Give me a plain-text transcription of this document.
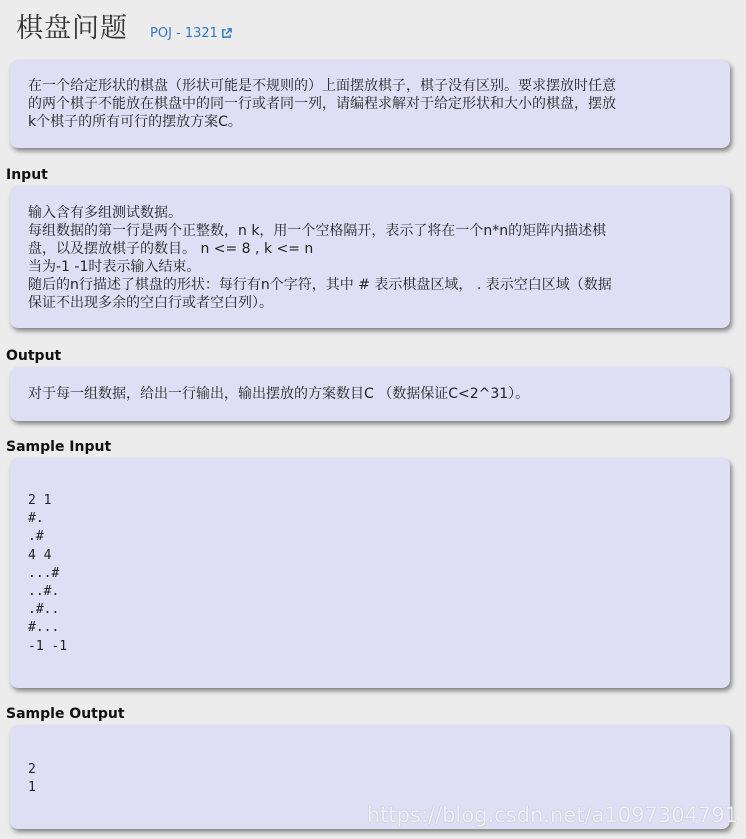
棋盘问题 POJ - 1321
在一个给定形状的棋盘（形状可能是不规则的）上面摆放棋子，棋子没有区别。要求摆放时任意
的两个棋子不能放在棋盘中的同一行或者同一列，请编程求解对于给定形状和大小的棋盘，摆放
k个棋子的所有可行的摆放方案C。
Input
输入含有多组测试数据。
每组数据的第一行是两个正整数，n k，用一个空格隔开，表示了将在一个n*n的矩阵内描述棋
盘，以及摆放棋子的数目。 n <= 8 , k <= n
当为-1 -1时表示输入结束。
随后的n行描述了棋盘的形状：每行有n个字符，其中 # 表示棋盘区域， . 表示空白区域（数据
保证不出现多余的空白行或者空白列）。
Output
对于每一组数据，给出一行输出，输出摆放的方案数目C （数据保证C<2^31）。
Sample Input
2 1
#.
.#
4 4
...#
..#.
.#..
#...
-1 -1
Sample Output
2
1
https://blog.csdn.net/a1097304791
